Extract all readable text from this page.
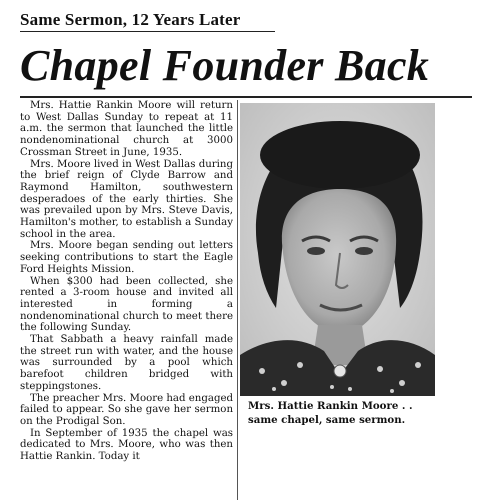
Same Sermon, 12 Years Later
Chapel Founder Back

Mrs. Hattie Rankin Moore will return to West Dallas Sunday to repeat at 11 a.m. the sermon that launched the little nondenominational church at 3000 Crossman Street in June, 1935.

Mrs. Moore lived in West Dallas during the brief reign of Clyde Barrow and Raymond Hamilton, southwestern desperadoes of the early thirties. She was prevailed upon by Mrs. Steve Davis, Hamilton's mother, to establish a Sunday school in the area.

Mrs. Moore began sending out letters seeking contributions to start the Eagle Ford Heights Mission.

When $300 had been collected, she rented a 3-room house and invited all interested in forming a nondenominational church to meet there the following Sunday.

That Sabbath a heavy rainfall made the street run with water, and the house was surrounded by a pool which barefoot children bridged with steppingstones.

The preacher Mrs. Moore had engaged failed to appear. So she gave her sermon on the Prodigal Son.

In September of 1935 the chapel was dedicated to Mrs. Moore, who was then Hattie Rankin. Today it

Mrs. Hattie Rankin Moore . .
same chapel, same sermon.
